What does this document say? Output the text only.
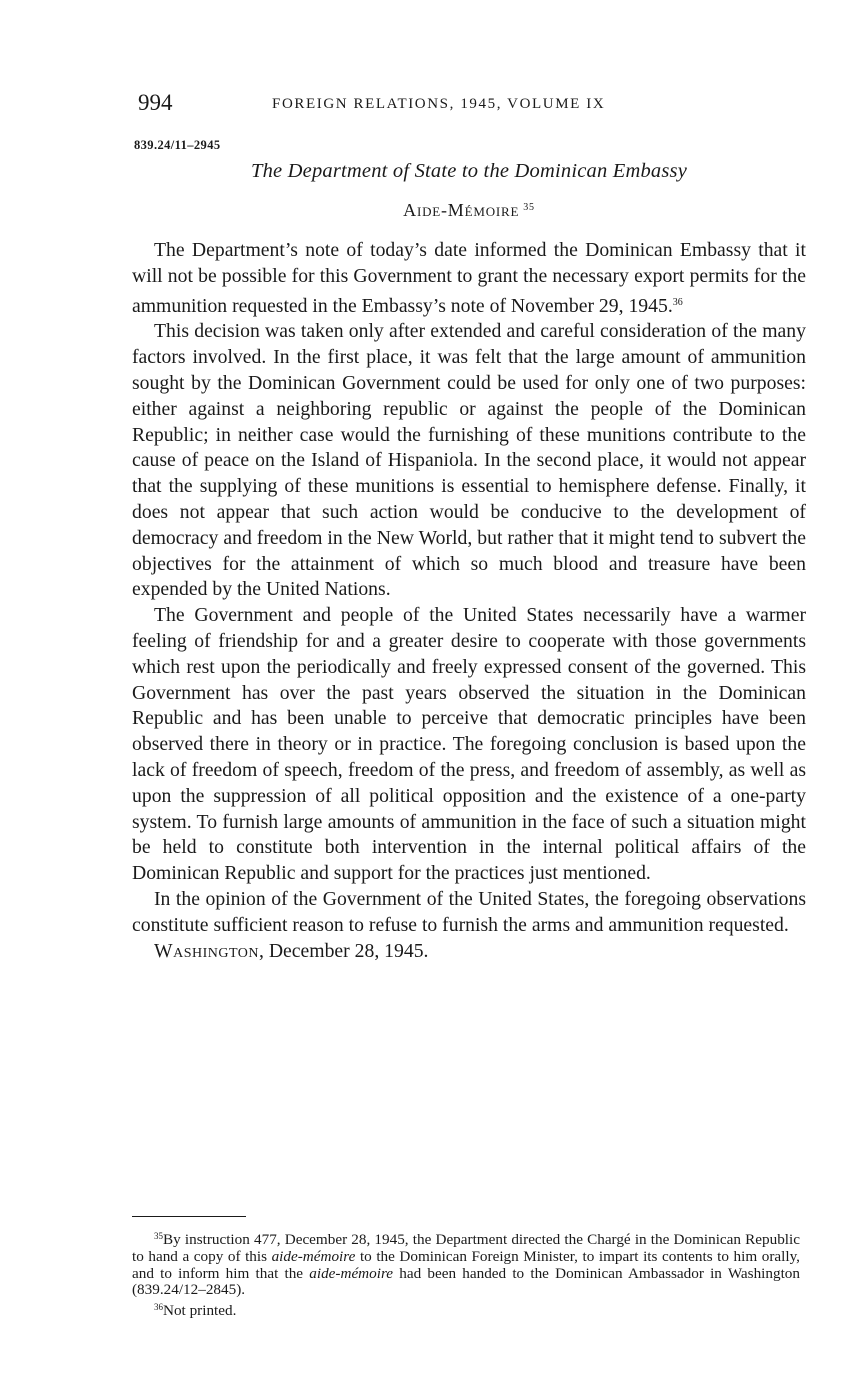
994	FOREIGN RELATIONS, 1945, VOLUME IX
839.24/11–2945
The Department of State to the Dominican Embassy
Aide-Mémoire $^{35}$

The Department’s note of today’s date informed the Dominican Embassy that it will not be possible for this Government to grant the necessary export permits for the ammunition requested in the Embassy’s note of November 29, 1945.36

This decision was taken only after extended and careful consideration of the many factors involved. In the first place, it was felt that the large amount of ammunition sought by the Dominican Government could be used for only one of two purposes: either against a neighboring republic or against the people of the Dominican Republic; in neither case would the furnishing of these munitions contribute to the cause of peace on the Island of Hispaniola. In the second place, it would not appear that the supplying of these munitions is essential to hemisphere defense. Finally, it does not appear that such action would be conducive to the development of democracy and freedom in the New World, but rather that it might tend to subvert the objectives for the attainment of which so much blood and treasure have been expended by the United Nations.

The Government and people of the United States necessarily have a warmer feeling of friendship for and a greater desire to cooperate with those governments which rest upon the periodically and freely expressed consent of the governed. This Government has over the past years observed the situation in the Dominican Republic and has been unable to perceive that democratic principles have been observed there in theory or in practice. The foregoing conclusion is based upon the lack of freedom of speech, freedom of the press, and freedom of assembly, as well as upon the suppression of all political opposition and the existence of a one-party system. To furnish large amounts of ammunition in the face of such a situation might be held to constitute both intervention in the internal political affairs of the Dominican Republic and support for the practices just mentioned.

In the opinion of the Government of the United States, the foregoing observations constitute sufficient reason to refuse to furnish the arms and ammunition requested.

Washington, December 28, 1945.

$^{35}$By instruction 477, December 28, 1945, the Department directed the Chargé in the Dominican Republic to hand a copy of this aide-mémoire to the Dominican Foreign Minister, to impart its contents to him orally, and to inform him that the aide-mémoire had been handed to the Dominican Ambassador in Washington (839.24/12–2845).

$^{36}$Not printed.
